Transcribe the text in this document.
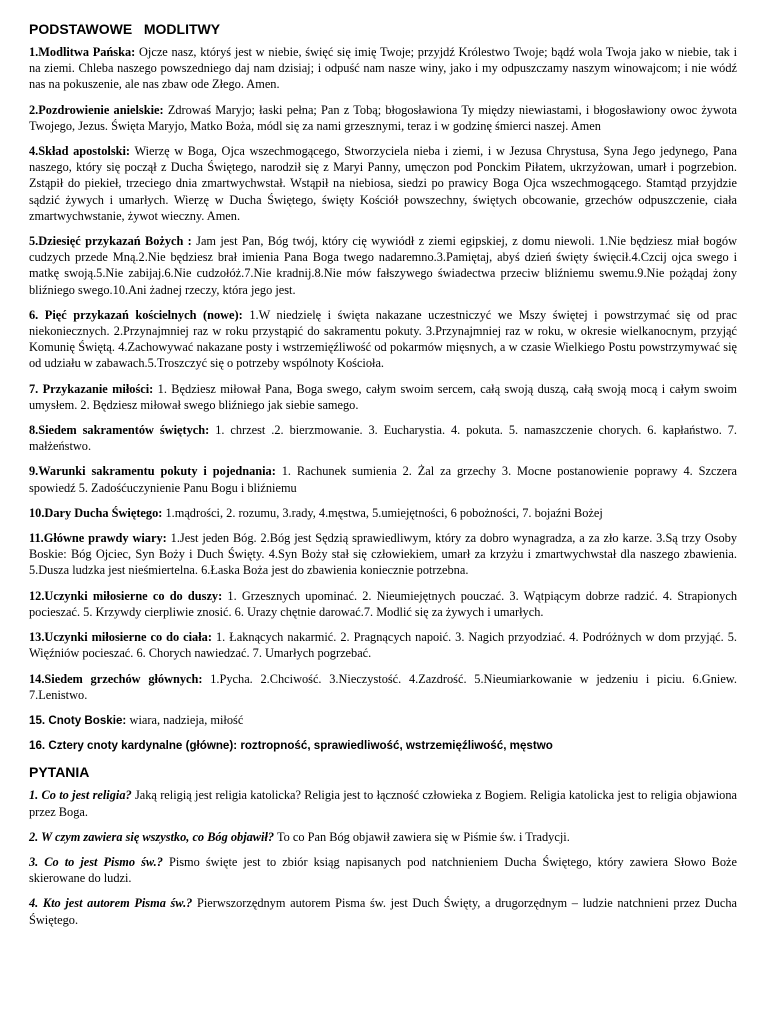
PODSTAWOWE   MODLITWY

1.Modlitwa Pańska: Ojcze nasz, któryś jest w niebie, święć się imię Twoje; przyjdź Królestwo Twoje; bądź wola Twoja jako w niebie, tak i na ziemi. Chleba naszego powszedniego daj nam dzisiaj; i odpuść nam nasze winy, jako i my odpuszczamy naszym winowajcom; i nie wódź nas na pokuszenie, ale nas zbaw ode Złego. Amen.

2.Pozdrowienie anielskie: Zdrowaś Maryjo; łaski pełna; Pan z Tobą; błogosławiona Ty między niewiastami, i błogosławiony owoc żywota Twojego, Jezus. Święta Maryjo, Matko Boża, módl się za nami grzesznymi, teraz i w godzinę śmierci naszej. Amen

4.Skład apostolski: Wierzę w Boga, Ojca wszechmogącego, Stworzyciela nieba i ziemi, i w Jezusa Chrystusa, Syna Jego jedynego, Pana naszego, który się począł z Ducha Świętego, narodził się z Maryi Panny, umęczon pod Ponckim Piłatem, ukrzyżowan, umarł i pogrzebion. Zstąpił do piekieł, trzeciego dnia zmartwychwstał. Wstąpił na niebiosa, siedzi po prawicy Boga Ojca wszechmogącego. Stamtąd przyjdzie sądzić żywych i umarłych. Wierzę w Ducha Świętego, święty Kościół powszechny, świętych obcowanie, grzechów odpuszczenie, ciała zmartwychwstanie, żywot wieczny. Amen.

5.Dziesięć przykazań Bożych : Jam jest Pan, Bóg twój, który cię wywiódł z ziemi egipskiej, z domu niewoli. 1.Nie będziesz miał bogów cudzych przede Mną.2.Nie będziesz brał imienia Pana Boga twego nadaremno.3.Pamiętaj, abyś dzień święty święcił.4.Czcij ojca swego i matkę swoją.5.Nie zabijaj.6.Nie cudzołóż.7.Nie kradnij.8.Nie mów fałszywego świadectwa przeciw bliźniemu swemu.9.Nie pożądaj żony bliźniego swego.10.Ani żadnej rzeczy, która jego jest.

6. Pięć przykazań kościelnych (nowe): 1.W niedzielę i święta nakazane uczestniczyć we Mszy świętej i powstrzymać się od prac niekoniecznych. 2.Przynajmniej raz w roku przystąpić do sakramentu pokuty. 3.Przynajmniej raz w roku, w okresie wielkanocnym, przyjąć Komunię Świętą. 4.Zachowywać nakazane posty i wstrzemięźliwość od pokarmów mięsnych, a w czasie Wielkiego Postu powstrzymywać się od udziału w zabawach.5.Troszczyć się o potrzeby wspólnoty Kościoła.

7. Przykazanie miłości: 1. Będziesz miłował Pana, Boga swego, całym swoim sercem, całą swoją duszą, całą swoją mocą i całym swoim umysłem. 2. Będziesz miłował swego bliźniego jak siebie samego.

8.Siedem sakramentów świętych: 1. chrzest .2. bierzmowanie. 3. Eucharystia. 4. pokuta. 5. namaszczenie chorych. 6. kapłaństwo. 7. małżeństwo.

9.Warunki sakramentu pokuty i pojednania: 1. Rachunek sumienia 2. Żal za grzechy 3. Mocne postanowienie poprawy 4. Szczera spowiedź 5. Zadośćuczynienie Panu Bogu i bliźniemu

10.Dary Ducha Świętego: 1.mądrości, 2. rozumu, 3.rady, 4.męstwa, 5.umiejętności, 6 pobożności, 7. bojaźni Bożej

11.Główne prawdy wiary: 1.Jest jeden Bóg. 2.Bóg jest Sędzią sprawiedliwym, który za dobro wynagradza, a za zło karze. 3.Są trzy Osoby Boskie: Bóg Ojciec, Syn Boży i Duch Święty. 4.Syn Boży stał się człowiekiem, umarł za krzyżu i zmartwychwstał dla naszego zbawienia. 5.Dusza ludzka jest nieśmiertelna. 6.Łaska Boża jest do zbawienia koniecznie potrzebna.

12.Uczynki miłosierne co do duszy: 1. Grzesznych upominać. 2. Nieumiejętnych pouczać. 3. Wątpiącym dobrze radzić. 4. Strapionych pocieszać. 5. Krzywdy cierpliwie znosić. 6. Urazy chętnie darować.7. Modlić się za żywych i umarłych.

13.Uczynki miłosierne co do ciała: 1. Łaknących nakarmić. 2. Pragnących napoić. 3. Nagich przyodziać. 4. Podróżnych w dom przyjąć. 5. Więźniów pocieszać. 6. Chorych nawiedzać. 7. Umarłych pogrzebać.

14.Siedem grzechów głównych: 1.Pycha. 2.Chciwość. 3.Nieczystość. 4.Zazdrość. 5.Nieumiarkowanie w jedzeniu i piciu. 6.Gniew. 7.Lenistwo.

15. Cnoty Boskie: wiara, nadzieja, miłość

16. Cztery cnoty kardynalne (główne): roztropność, sprawiedliwość, wstrzemięźliwość, męstwo

PYTANIA

1. Co to jest religia? Jaką religią jest religia katolicka? Religia jest to łączność człowieka z Bogiem. Religia katolicka jest to religia objawiona przez Boga.

2. W czym zawiera się wszystko, co Bóg objawił? To co Pan Bóg objawił zawiera się w Piśmie św. i Tradycji.

3. Co to jest Pismo św.? Pismo święte jest to zbiór ksiąg napisanych pod natchnieniem Ducha Świętego, który zawiera Słowo Boże skierowane do ludzi.

4. Kto jest autorem Pisma św.? Pierwszorzędnym autorem Pisma św. jest Duch Święty, a drugorzędnym – ludzie natchnieni przez Ducha Świętego.
